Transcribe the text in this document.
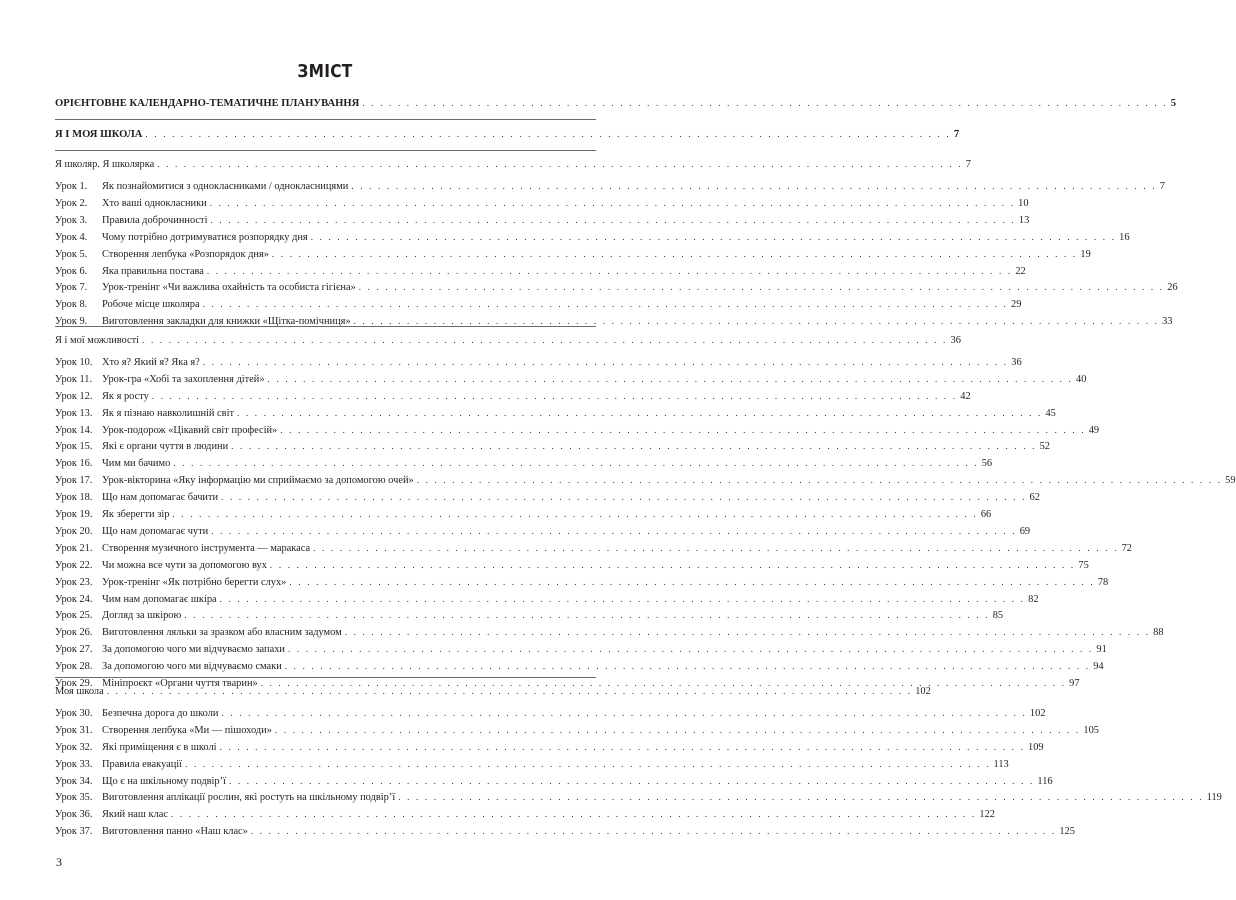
ЗМІСТ
ОРІЄНТОВНЕ КАЛЕНДАРНО-ТЕМАТИЧНЕ ПЛАНУВАННЯ . . .	5
Я І МОЯ ШКОЛА . . .	7
Я школяр. Я школярка . . .	7
Урок 1.	Як познайомитися з однокласниками / однокласницями . . .	7
Урок 2.	Хто ваші однокласники . . .	10
Урок 3.	Правила доброчинності . . .	13
Урок 4.	Чому потрібно дотримуватися розпорядку дня . . .	16
Урок 5.	Створення лепбука «Розпорядок дня» . . .	19
Урок 6.	Яка правильна постава . . .	22
Урок 7.	Урок-тренінг «Чи важлива охайність та особиста гігієна» . . .	26
Урок 8.	Робоче місце школяра . . .	29
Урок 9.	Виготовлення закладки для книжки «Щітка-помічниця» . . .	33
Я і мої можливості . . .	36
Урок 10. Хто я? Який я? Яка я? . . .	36
Урок 11. Урок-гра «Хобі та захоплення дітей» . . .	40
Урок 12. Як я росту . . .	42
Урок 13. Як я пізнаю навколишній світ . . .	45
Урок 14. Урок-подорож «Цікавий світ професій» . . .	49
Урок 15. Які є органи чуття в людини . . .	52
Урок 16. Чим ми бачимо . . .	56
Урок 17. Урок-вікторина «Яку інформацію ми сприймаємо за допомогою очей» . . .	59
Урок 18. Що нам допомагає бачити . . .	62
Урок 19. Як зберегти зір . . .	66
Урок 20. Що нам допомагає чути . . .	69
Урок 21. Створення музичного інструмента — маракаса . . .	72
Урок 22. Чи можна все чути за допомогою вух . . .	75
Урок 23. Урок-тренінг «Як потрібно берегти слух» . . .	78
Урок 24. Чим нам допомагає шкіра . . .	82
Урок 25. Догляд за шкірою . . .	85
Урок 26. Виготовлення ляльки за зразком або власним задумом . . .	88
Урок 27. За допомогою чого ми відчуваємо запахи . . .	91
Урок 28. За допомогою чого ми відчуваємо смаки . . .	94
Урок 29. Мініпроєкт «Органи чуття тварин» . . .	97
Моя школа . . .	102
Урок 30. Безпечна дорога до школи . . .	102
Урок 31. Створення лепбука «Ми — пішоходи» . . .	105
Урок 32. Які приміщення є в школі . . .	109
Урок 33. Правила евакуації . . .	113
Урок 34. Що є на шкільному подвір’ї . . .	116
Урок 35. Виготовлення аплікації рослин, які ростуть на шкільному подвір’ї . . .	119
Урок 36. Який наш клас . . .	122
Урок 37. Виготовлення панно «Наш клас» . . .	125
3
